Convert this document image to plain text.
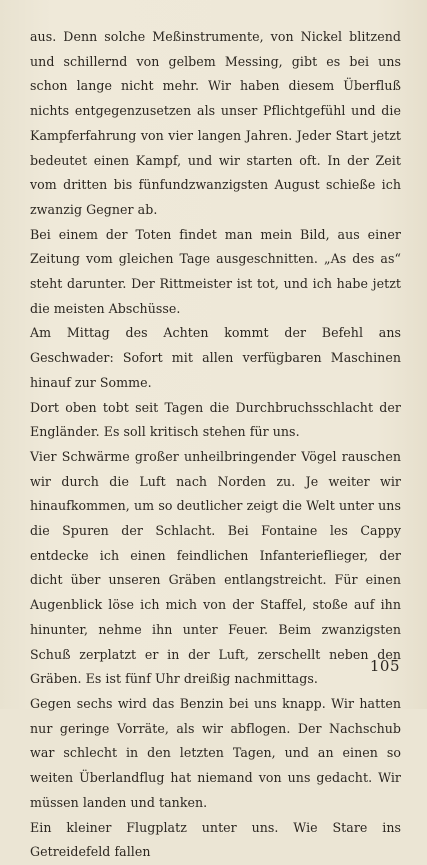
aus. Denn solche Meßinstrumente, von Nickel blitzend und schillernd von gelbem Messing, gibt es bei uns schon lange nicht mehr. Wir haben diesem Überfluß nichts entgegenzusetzen als unser Pflichtgefühl und die Kampferfahrung von vier langen Jahren. Jeder Start jetzt bedeutet einen Kampf, und wir starten oft. In der Zeit vom dritten bis fünfundzwanzigsten August schieße ich zwanzig Gegner ab.

Bei einem der Toten findet man mein Bild, aus einer Zeitung vom gleichen Tage ausgeschnitten. „As des as“ steht darunter. Der Rittmeister ist tot, und ich habe jetzt die meisten Abschüsse.

Am Mittag des Achten kommt der Befehl ans Geschwader: Sofort mit allen verfügbaren Maschinen hinauf zur Somme.

Dort oben tobt seit Tagen die Durchbruchsschlacht der Engländer. Es soll kritisch stehen für uns.

Vier Schwärme großer unheilbringender Vögel rauschen wir durch die Luft nach Norden zu. Je weiter wir hinaufkommen, um so deutlicher zeigt die Welt unter uns die Spuren der Schlacht. Bei Fontaine les Cappy entdecke ich einen feindlichen Infanterieflieger, der dicht über unseren Gräben entlangstreicht. Für einen Augenblick löse ich mich von der Staffel, stoße auf ihn hinunter, nehme ihn unter Feuer. Beim zwanzigsten Schuß zerplatzt er in der Luft, zerschellt neben den Gräben. Es ist fünf Uhr dreißig nachmittags.

Gegen sechs wird das Benzin bei uns knapp. Wir hatten nur geringe Vorräte, als wir abflogen. Der Nachschub war schlecht in den letzten Tagen, und an einen so weiten Überlandflug hat niemand von uns gedacht. Wir müssen landen und tanken.

Ein kleiner Flugplatz unter uns. Wie Stare ins Getreidefeld fallen

105
